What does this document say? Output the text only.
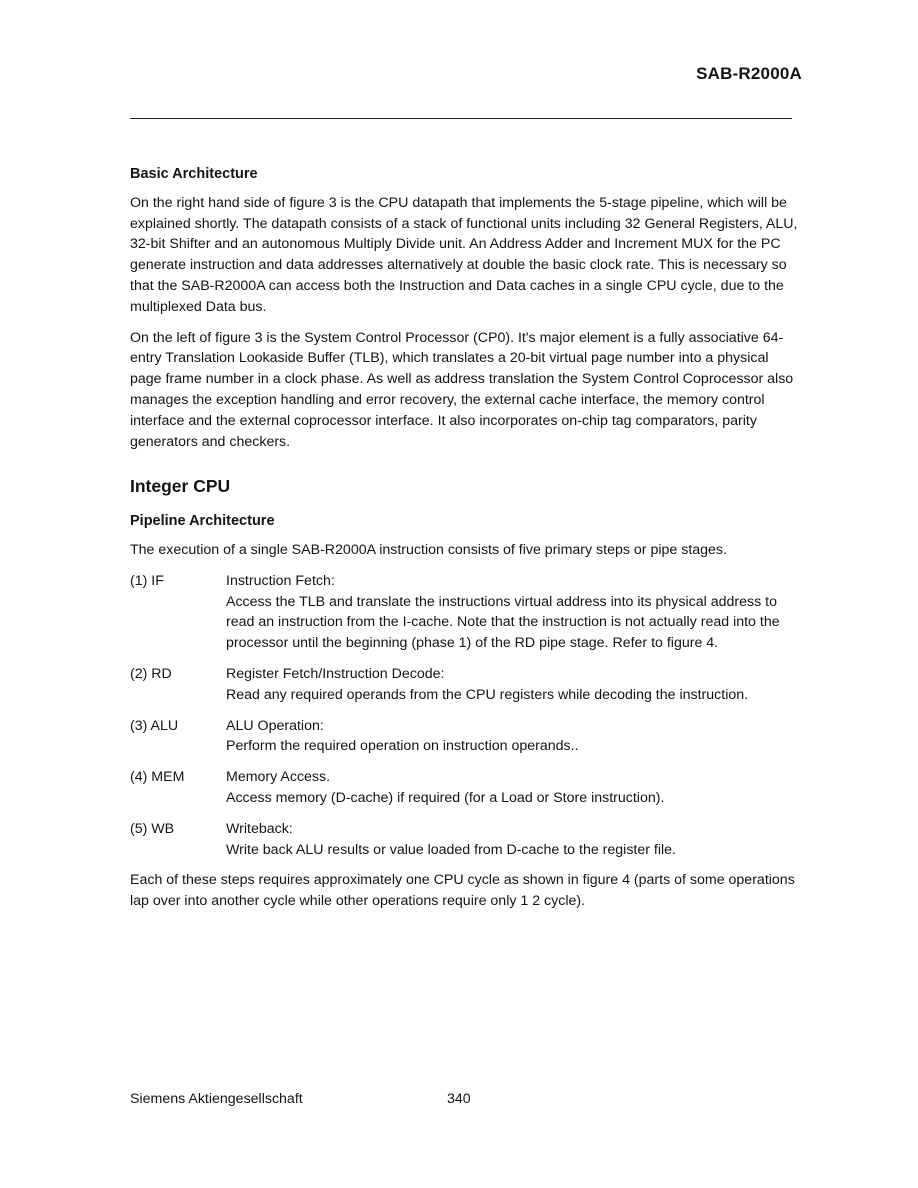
SAB-R2000A
Basic Architecture

On the right hand side of figure 3 is the CPU datapath that implements the 5-stage pipeline, which will be explained shortly. The datapath consists of a stack of functional units including 32 General Registers, ALU, 32-bit Shifter and an autonomous Multiply Divide unit. An Address Adder and Increment MUX for the PC generate instruction and data addresses alternatively at double the basic clock rate. This is necessary so that the SAB-R2000A can access both the Instruction and Data caches in a single CPU cycle, due to the multiplexed Data bus.

On the left of figure 3 is the System Control Processor (CP0). It's major element is a fully associative 64-entry Translation Lookaside Buffer (TLB), which translates a 20-bit virtual page number into a physical page frame number in a clock phase. As well as address translation the System Control Coprocessor also manages the exception handling and error recovery, the external cache interface, the memory control interface and the external coprocessor interface. It also incorporates on-chip tag comparators, parity generators and checkers.

Integer CPU
Pipeline Architecture

The execution of a single SAB-R2000A instruction consists of five primary steps or pipe stages.

(1) IF	Instruction Fetch:
Access the TLB and translate the instructions virtual address into its physical address to read an instruction from the I-cache. Note that the instruction is not actually read into the processor until the beginning (phase 1) of the RD pipe stage. Refer to figure 4.
(2) RD	Register Fetch/Instruction Decode:
Read any required operands from the CPU registers while decoding the instruction.
(3) ALU	ALU Operation:
Perform the required operation on instruction operands..
(4) MEM	Memory Access.
Access memory (D-cache) if required (for a Load or Store instruction).
(5) WB	Writeback:
Write back ALU results or value loaded from D-cache to the register file.

Each of these steps requires approximately one CPU cycle as shown in figure 4 (parts of some operations lap over into another cycle while other operations require only 1 2 cycle).

Siemens Aktiengesellschaft	340
